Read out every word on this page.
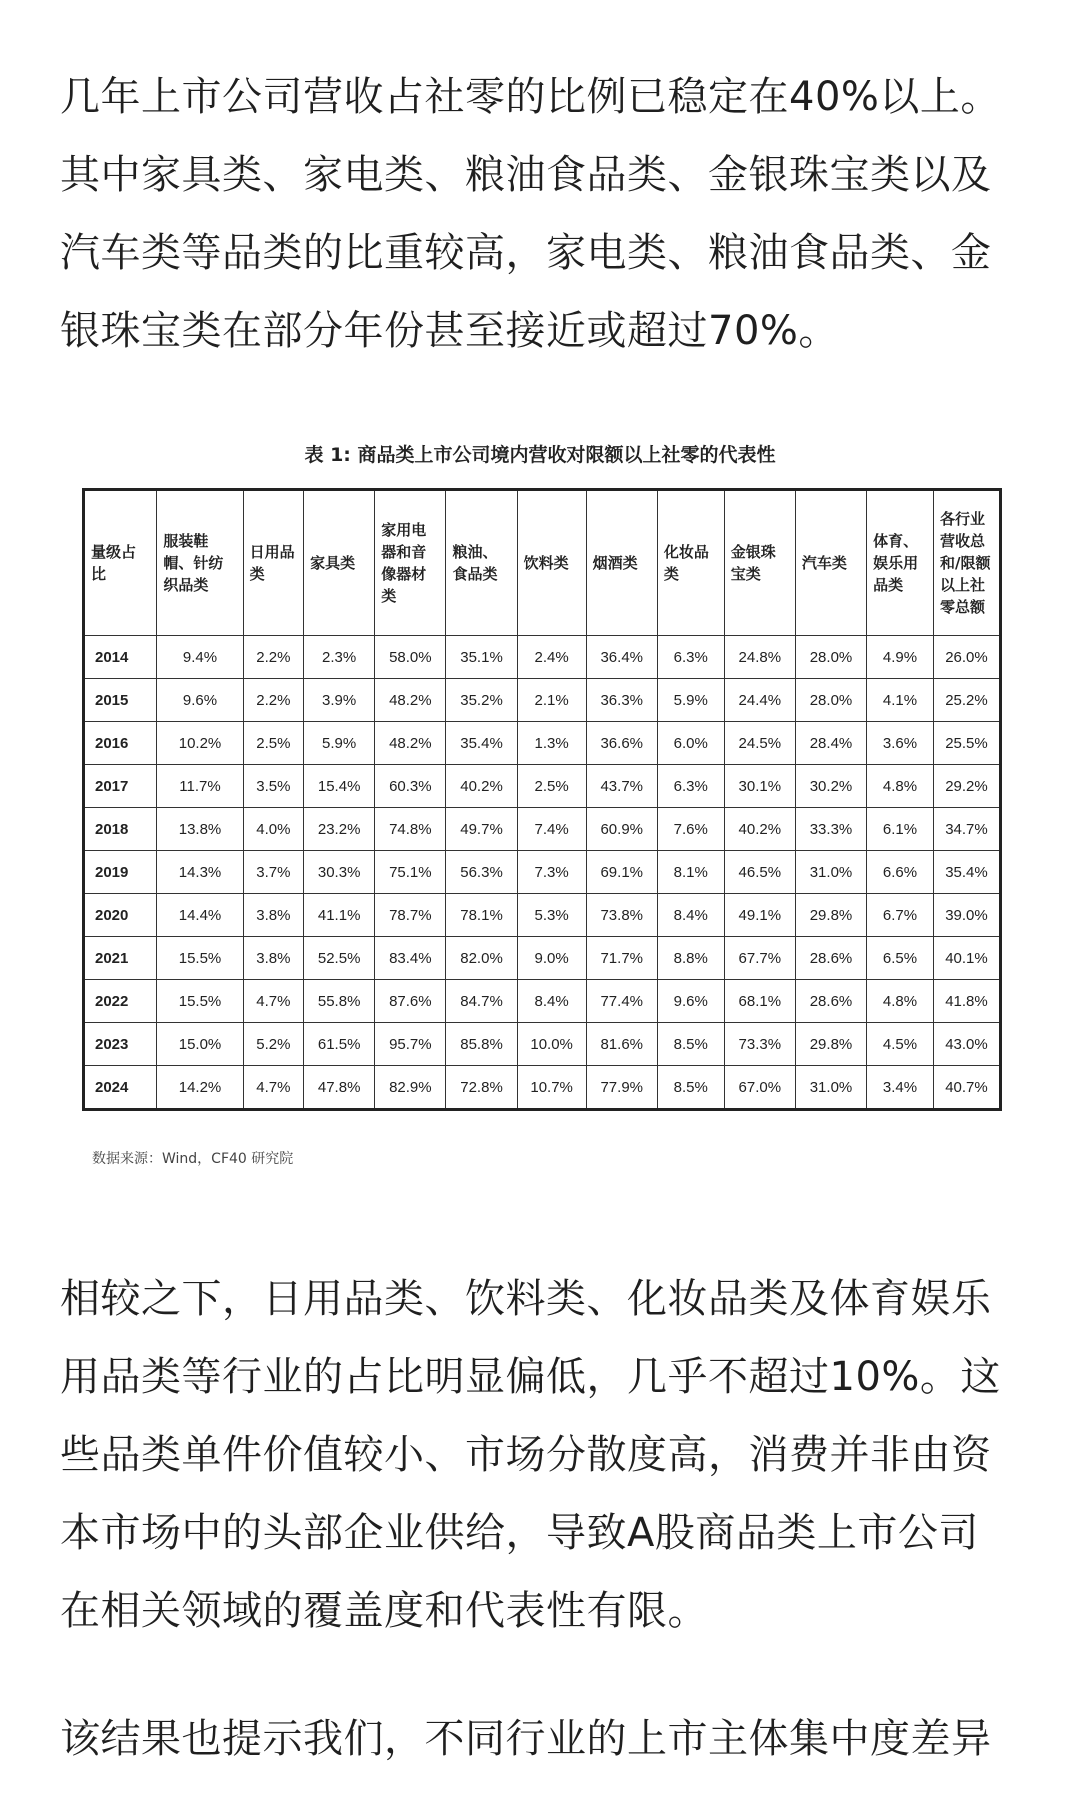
几年上市公司营收占社零的比例已稳定在40%以上。
其中家具类、家电类、粮油食品类、金银珠宝类以及
汽车类等品类的比重较高，家电类、粮油食品类、金
银珠宝类在部分年份甚至接近或超过70%。
表 1: 商品类上市公司境内营收对限额以上社零的代表性
量级占比	服装鞋帽、针纺织品类	日用品类	家具类	家用电器和音像器材类	粮油、食品类	饮料类	烟酒类	化妆品类	金银珠宝类	汽车类	体育、娱乐用品类	各行业营收总和/限额以上社零总额
2014	9.4%	2.2%	2.3%	58.0%	35.1%	2.4%	36.4%	6.3%	24.8%	28.0%	4.9%	26.0%
2015	9.6%	2.2%	3.9%	48.2%	35.2%	2.1%	36.3%	5.9%	24.4%	28.0%	4.1%	25.2%
2016	10.2%	2.5%	5.9%	48.2%	35.4%	1.3%	36.6%	6.0%	24.5%	28.4%	3.6%	25.5%
2017	11.7%	3.5%	15.4%	60.3%	40.2%	2.5%	43.7%	6.3%	30.1%	30.2%	4.8%	29.2%
2018	13.8%	4.0%	23.2%	74.8%	49.7%	7.4%	60.9%	7.6%	40.2%	33.3%	6.1%	34.7%
2019	14.3%	3.7%	30.3%	75.1%	56.3%	7.3%	69.1%	8.1%	46.5%	31.0%	6.6%	35.4%
2020	14.4%	3.8%	41.1%	78.7%	78.1%	5.3%	73.8%	8.4%	49.1%	29.8%	6.7%	39.0%
2021	15.5%	3.8%	52.5%	83.4%	82.0%	9.0%	71.7%	8.8%	67.7%	28.6%	6.5%	40.1%
2022	15.5%	4.7%	55.8%	87.6%	84.7%	8.4%	77.4%	9.6%	68.1%	28.6%	4.8%	41.8%
2023	15.0%	5.2%	61.5%	95.7%	85.8%	10.0%	81.6%	8.5%	73.3%	29.8%	4.5%	43.0%
2024	14.2%	4.7%	47.8%	82.9%	72.8%	10.7%	77.9%	8.5%	67.0%	31.0%	3.4%	40.7%
数据来源：Wind，CF40 研究院
相较之下，日用品类、饮料类、化妆品类及体育娱乐
用品类等行业的占比明显偏低，几乎不超过10%。这
些品类单件价值较小、市场分散度高，消费并非由资
本市场中的头部企业供给，导致A股商品类上市公司
在相关领域的覆盖度和代表性有限。
该结果也提示我们，不同行业的上市主体集中度差异
